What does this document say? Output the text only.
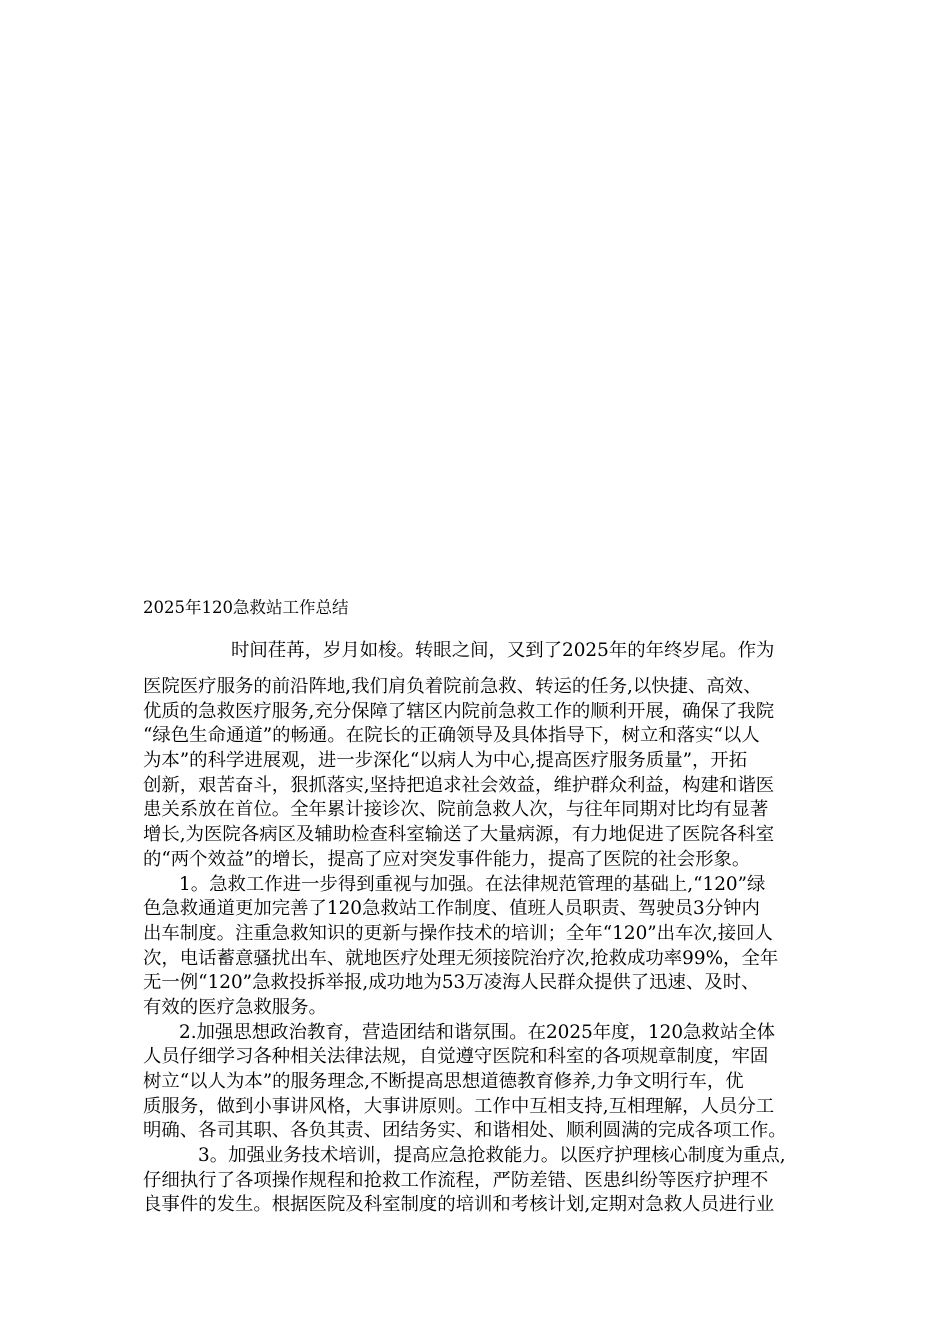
2025年120急救站工作总结
时间荏苒，岁月如梭。转眼之间，又到了2025年的年终岁尾。作为
医院医疗服务的前沿阵地,我们肩负着院前急救、转运的任务,以快捷、高效、
优质的急救医疗服务,充分保障了辖区内院前急救工作的顺利开展，确保了我院
“绿色生命通道”的畅通。在院长的正确领导及具体指导下，树立和落实“以人
为本”的科学进展观，进一步深化“以病人为中心,提高医疗服务质量”，开拓
创新，艰苦奋斗，狠抓落实,坚持把追求社会效益，维护群众利益，构建和谐医
患关系放在首位。全年累计接诊次、院前急救人次，与往年同期对比均有显著
增长,为医院各病区及辅助检查科室输送了大量病源，有力地促进了医院各科室
的“两个效益”的增长，提高了应对突发事件能力，提高了医院的社会形象。
1。急救工作进一步得到重视与加强。在法律规范管理的基础上,“120”绿
色急救通道更加完善了120急救站工作制度、值班人员职责、驾驶员3分钟内
出车制度。注重急救知识的更新与操作技术的培训；全年“120”出车次,接回人
次，电话蓄意骚扰出车、就地医疗处理无须接院治疗次,抢救成功率99%，全年
无一例“120”急救投拆举报,成功地为53万凌海人民群众提供了迅速、及时、
有效的医疗急救服务。
2.加强思想政治教育，营造团结和谐氛围。在2025年度，120急救站全体
人员仔细学习各种相关法律法规，自觉遵守医院和科室的各项规章制度，牢固
树立“以人为本”的服务理念,不断提高思想道德教育修养,力争文明行车，优
质服务，做到小事讲风格，大事讲原则。工作中互相支持,互相理解，人员分工
明确、各司其职、各负其责、团结务实、和谐相处、顺利圆满的完成各项工作。
3。加强业务技术培训，提高应急抢救能力。以医疗护理核心制度为重点,
仔细执行了各项操作规程和抢救工作流程，严防差错、医患纠纷等医疗护理不
良事件的发生。根据医院及科室制度的培训和考核计划,定期对急救人员进行业
